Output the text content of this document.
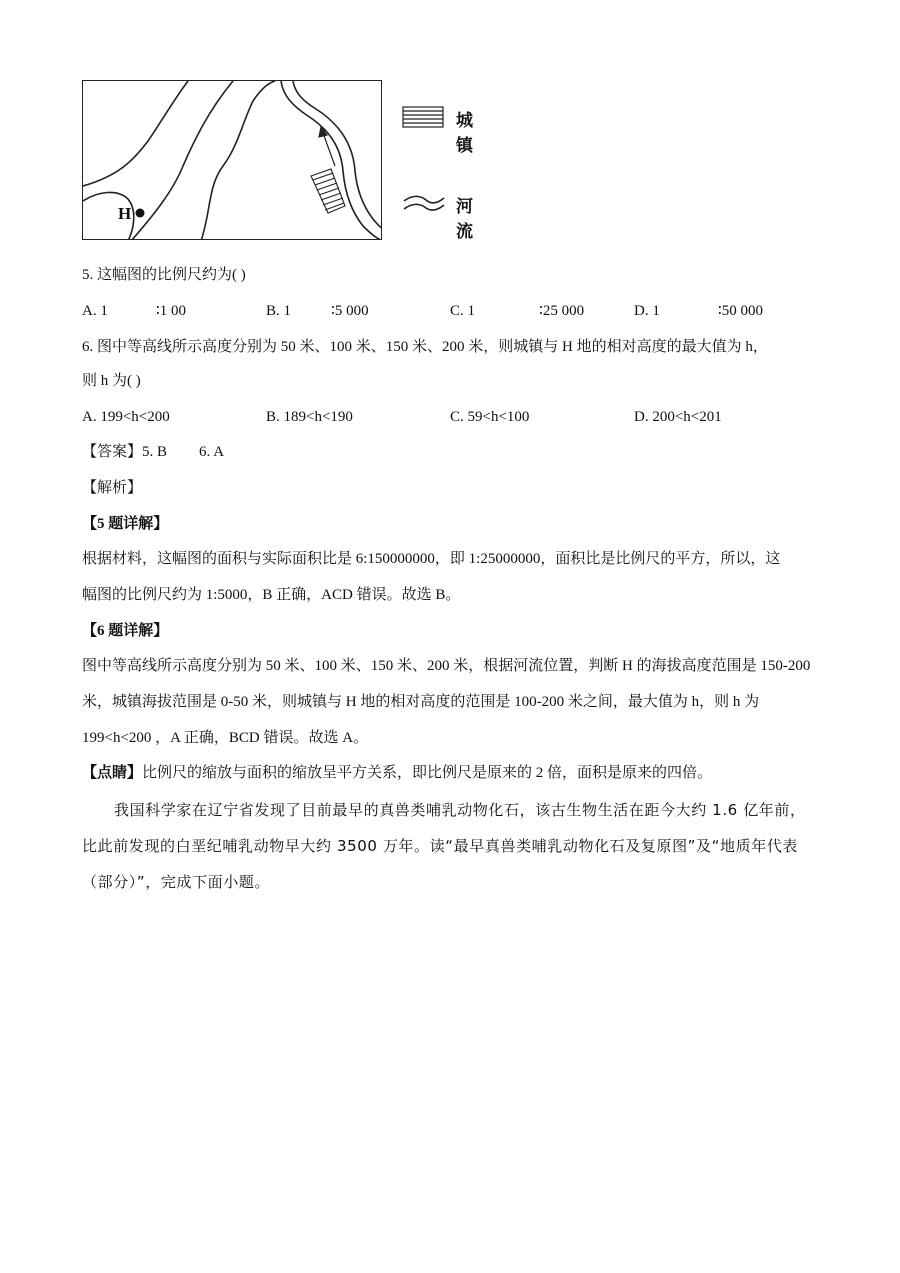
H
城镇
河流
5. 这幅图的比例尺约为( )
A. 1	∶1 00	B. 1	∶5 000	C. 1	∶25 000	D. 1	∶50 000
6. 图中等高线所示高度分别为 50 米、100 米、150 米、200 米，则城镇与 H 地的相对高度的最大值为 h，
则 h 为( )
A. 199<h<200	B. 189<h<190	C. 59<h<100	D. 200<h<201
【答案】5. B 6. A
【解析】
【5 题详解】
根据材料，这幅图的面积与实际面积比是 6:150000000，即 1:25000000，面积比是比例尺的平方，所以，这
幅图的比例尺约为 1:5000，B 正确，ACD 错误。故选 B。
【6 题详解】
图中等高线所示高度分别为 50 米、100 米、150 米、200 米，根据河流位置，判断 H 的海拔高度范围是 150-200
米，城镇海拔范围是 0-50 米，则城镇与 H 地的相对高度的范围是 100-200 米之间，最大值为 h，则 h 为
199<h<200 ，A 正确，BCD 错误。故选 A。
【点睛】比例尺的缩放与面积的缩放呈平方关系，即比例尺是原来的 2 倍，面积是原来的四倍。
我国科学家在辽宁省发现了目前最早的真兽类哺乳动物化石，该古生物生活在距今大约 1.6 亿年前，
比此前发现的白垩纪哺乳动物早大约 3500 万年。读“最早真兽类哺乳动物化石及复原图”及“地质年代表
（部分）”，完成下面小题。
